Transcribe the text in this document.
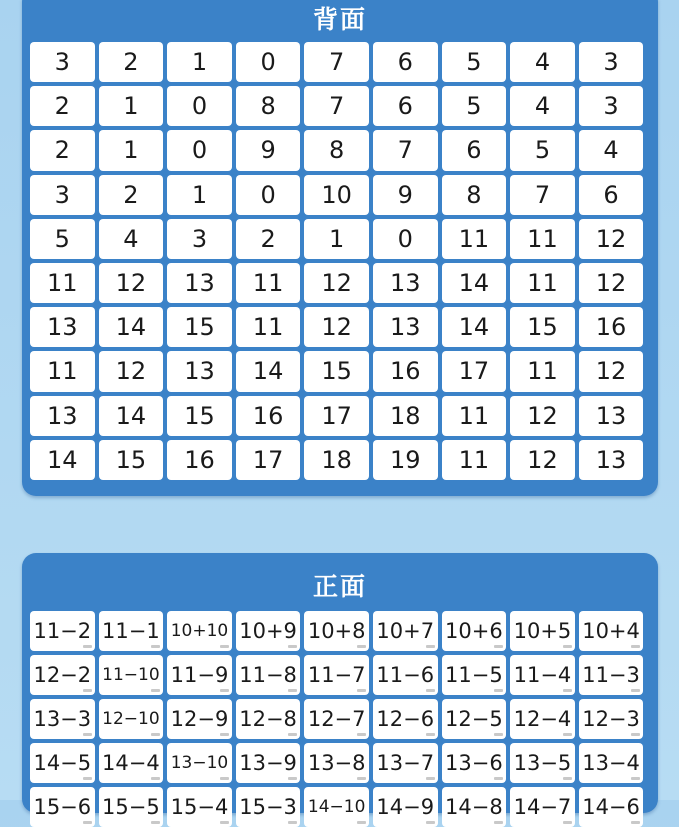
背面
3 2 1 0 7 6 5 4 3
2 1 0 8 7 6 5 4 3
2 1 0 9 8 7 6 5 4
3 2 1 0 10 9 8 7 6
5 4 3 2 1 0 11 11 12
11 12 13 11 12 13 14 11 12
13 14 15 11 12 13 14 15 16
11 12 13 14 15 16 17 11 12
13 14 15 16 17 18 11 12 13
14 15 16 17 18 19 11 12 13
正面
11−2 11−1 10+10 10+9 10+8 10+7 10+6 10+5 10+4
12−2 11−10 11−9 11−8 11−7 11−6 11−5 11−4 11−3
13−3 12−10 12−9 12−8 12−7 12−6 12−5 12−4 12−3
14−5 14−4 13−10 13−9 13−8 13−7 13−6 13−5 13−4
15−6 15−5 15−4 15−3 14−10 14−9 14−8 14−7 14−6
